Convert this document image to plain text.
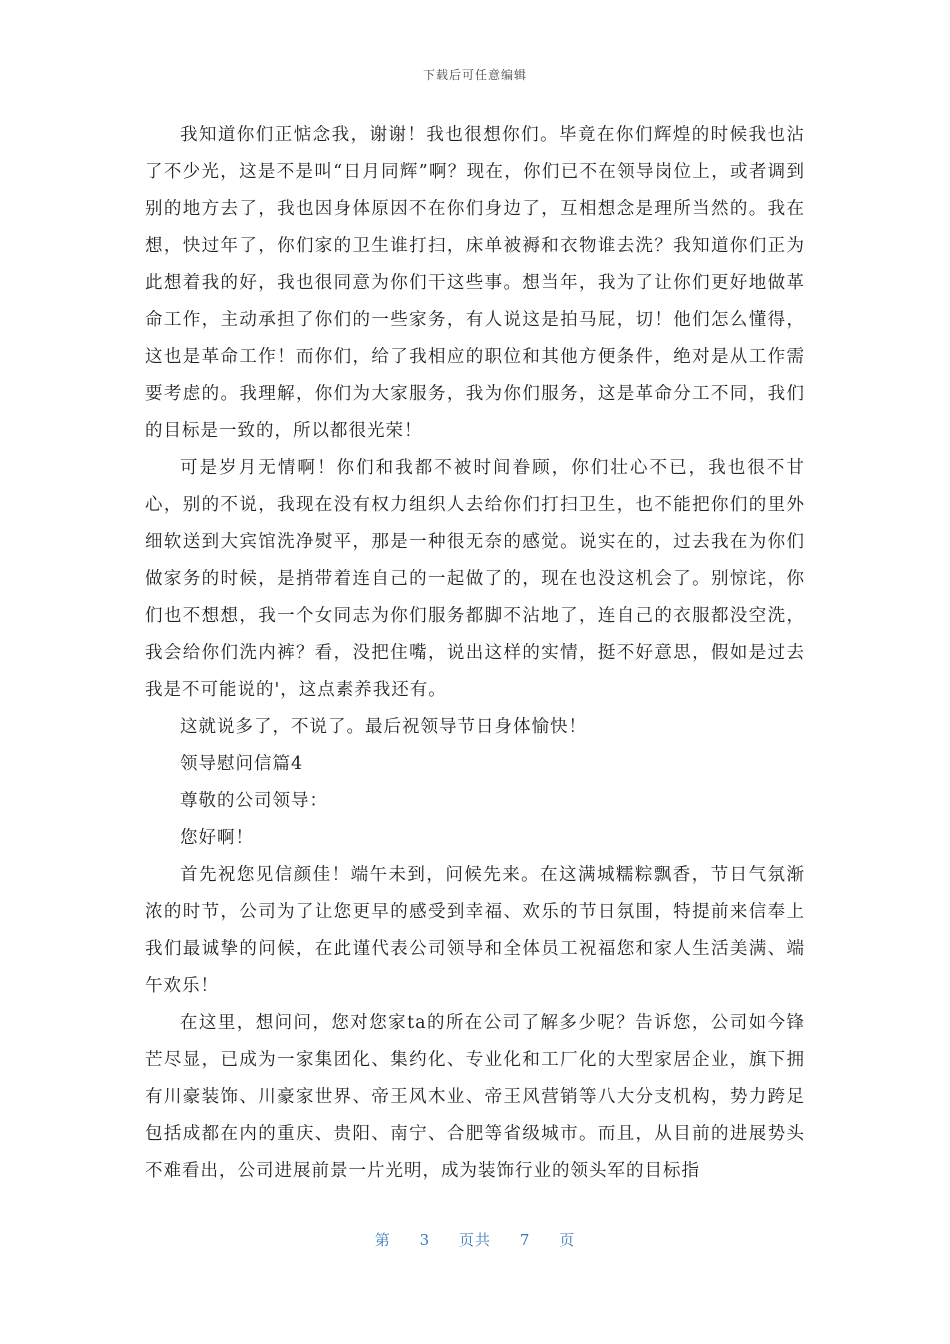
下载后可任意编辑

我知道你们正惦念我，谢谢！我也很想你们。毕竟在你们辉煌的时候我也沾了不少光，这是不是叫“日月同辉”啊？现在，你们已不在领导岗位上，或者调到别的地方去了，我也因身体原因不在你们身边了，互相想念是理所当然的。我在想，快过年了，你们家的卫生谁打扫，床单被褥和衣物谁去洗？我知道你们正为此想着我的好，我也很同意为你们干这些事。想当年，我为了让你们更好地做革命工作，主动承担了你们的一些家务，有人说这是拍马屁，切！他们怎么懂得，这也是革命工作！而你们，给了我相应的职位和其他方便条件，绝对是从工作需要考虑的。我理解，你们为大家服务，我为你们服务，这是革命分工不同，我们的目标是一致的，所以都很光荣！

可是岁月无情啊！你们和我都不被时间眷顾，你们壮心不已，我也很不甘心，别的不说，我现在没有权力组织人去给你们打扫卫生，也不能把你们的里外细软送到大宾馆洗净熨平，那是一种很无奈的感觉。说实在的，过去我在为你们做家务的时候，是捎带着连自己的一起做了的，现在也没这机会了。别惊诧，你们也不想想，我一个女同志为你们服务都脚不沾地了，连自己的衣服都没空洗，我会给你们洗内裤？看，没把住嘴，说出这样的实情，挺不好意思，假如是过去我是不可能说的'，这点素养我还有。

这就说多了，不说了。最后祝领导节日身体愉快！

领导慰问信篇4

尊敬的公司领导：

您好啊！

首先祝您见信颜佳！端午未到，问候先来。在这满城糯粽飘香，节日气氛渐浓的时节，公司为了让您更早的感受到幸福、欢乐的节日氛围，特提前来信奉上我们最诚挚的问候，在此谨代表公司领导和全体员工祝福您和家人生活美满、端午欢乐！

在这里，想问问，您对您家ta的所在公司了解多少呢？告诉您，公司如今锋芒尽显，已成为一家集团化、集约化、专业化和工厂化的大型家居企业，旗下拥有川豪装饰、川豪家世界、帝王风木业、帝王风营销等八大分支机构，势力跨足包括成都在内的重庆、贵阳、南宁、合肥等省级城市。而且，从目前的进展势头不难看出，公司进展前景一片光明，成为装饰行业的领头军的目标指

第 3 页共 7 页
